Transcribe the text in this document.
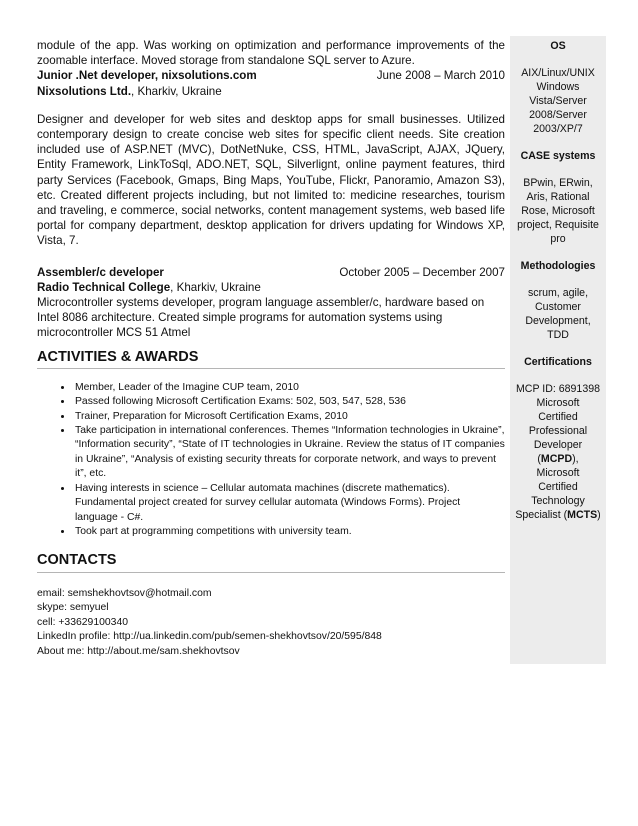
module of the app. Was working on optimization and performance improvements of the zoomable interface. Moved storage from standalone SQL server to Azure.
Junior .Net developer, nixsolutions.com	June 2008 – March 2010
Nixsolutions Ltd., Kharkiv, Ukraine
Designer and developer for web sites and desktop apps for small businesses. Utilized contemporary design to create concise web sites for specific client needs. Site creation included use of ASP.NET (MVC), DotNetNuke, CSS, HTML, JavaScript, AJAX, JQuery, Entity Framework, LinkToSql, ADO.NET, SQL, Silverlignt, online payment features, third party Services (Facebook, Gmaps, Bing Maps, YouTube, Flickr, Panoramio, Amazon S3), etc. Created different projects including, but not limited to: medicine researches, tourism and traveling, e commerce, social networks, content management systems, web based life portal for company department, desktop application for drivers updating for Windows XP, Vista, 7.
Assembler/c developer	October 2005 – December 2007
Radio Technical College, Kharkiv, Ukraine
Microcontroller systems developer, program language assembler/c, hardware based on Intel 8086 architecture. Created simple programs for automation systems using microcontroller MCS 51 Atmel
ACTIVITIES & AWARDS
• Member, Leader of the Imagine CUP team, 2010
• Passed following Microsoft Certification Exams: 502, 503, 547, 528, 536
• Trainer, Preparation for Microsoft Certification Exams, 2010
• Take participation in international conferences. Themes “Information technologies in Ukraine”, “Information security”, “State of IT technologies in Ukraine. Review the status of IT companies in Ukraine”, “Analysis of existing security threats for corporate network, and ways to prevent it”, etc.
• Having interests in science – Cellular automata machines (discrete mathematics). Fundamental project created for survey cellular automata (Windows Forms). Project language - C#.
• Took part at programming competitions with university team.
CONTACTS
email: semshekhovtsov@hotmail.com
skype: semyuel
cell: +33629100340
LinkedIn profile: http://ua.linkedin.com/pub/semen-shekhovtsov/20/595/848
About me: http://about.me/sam.shekhovtsov
OS
AIX/Linux/UNIX
Windows
Vista/Server
2008/Server
2003/XP/7
CASE systems
BPwin, ERwin,
Aris, Rational
Rose, Microsoft
project, Requisite
pro
Methodologies
scrum, agile,
Customer
Development,
TDD
Certifications
MCP ID: 6891398
Microsoft
Certified
Professional
Developer
(MCPD),
Microsoft
Certified
Technology
Specialist (MCTS)
